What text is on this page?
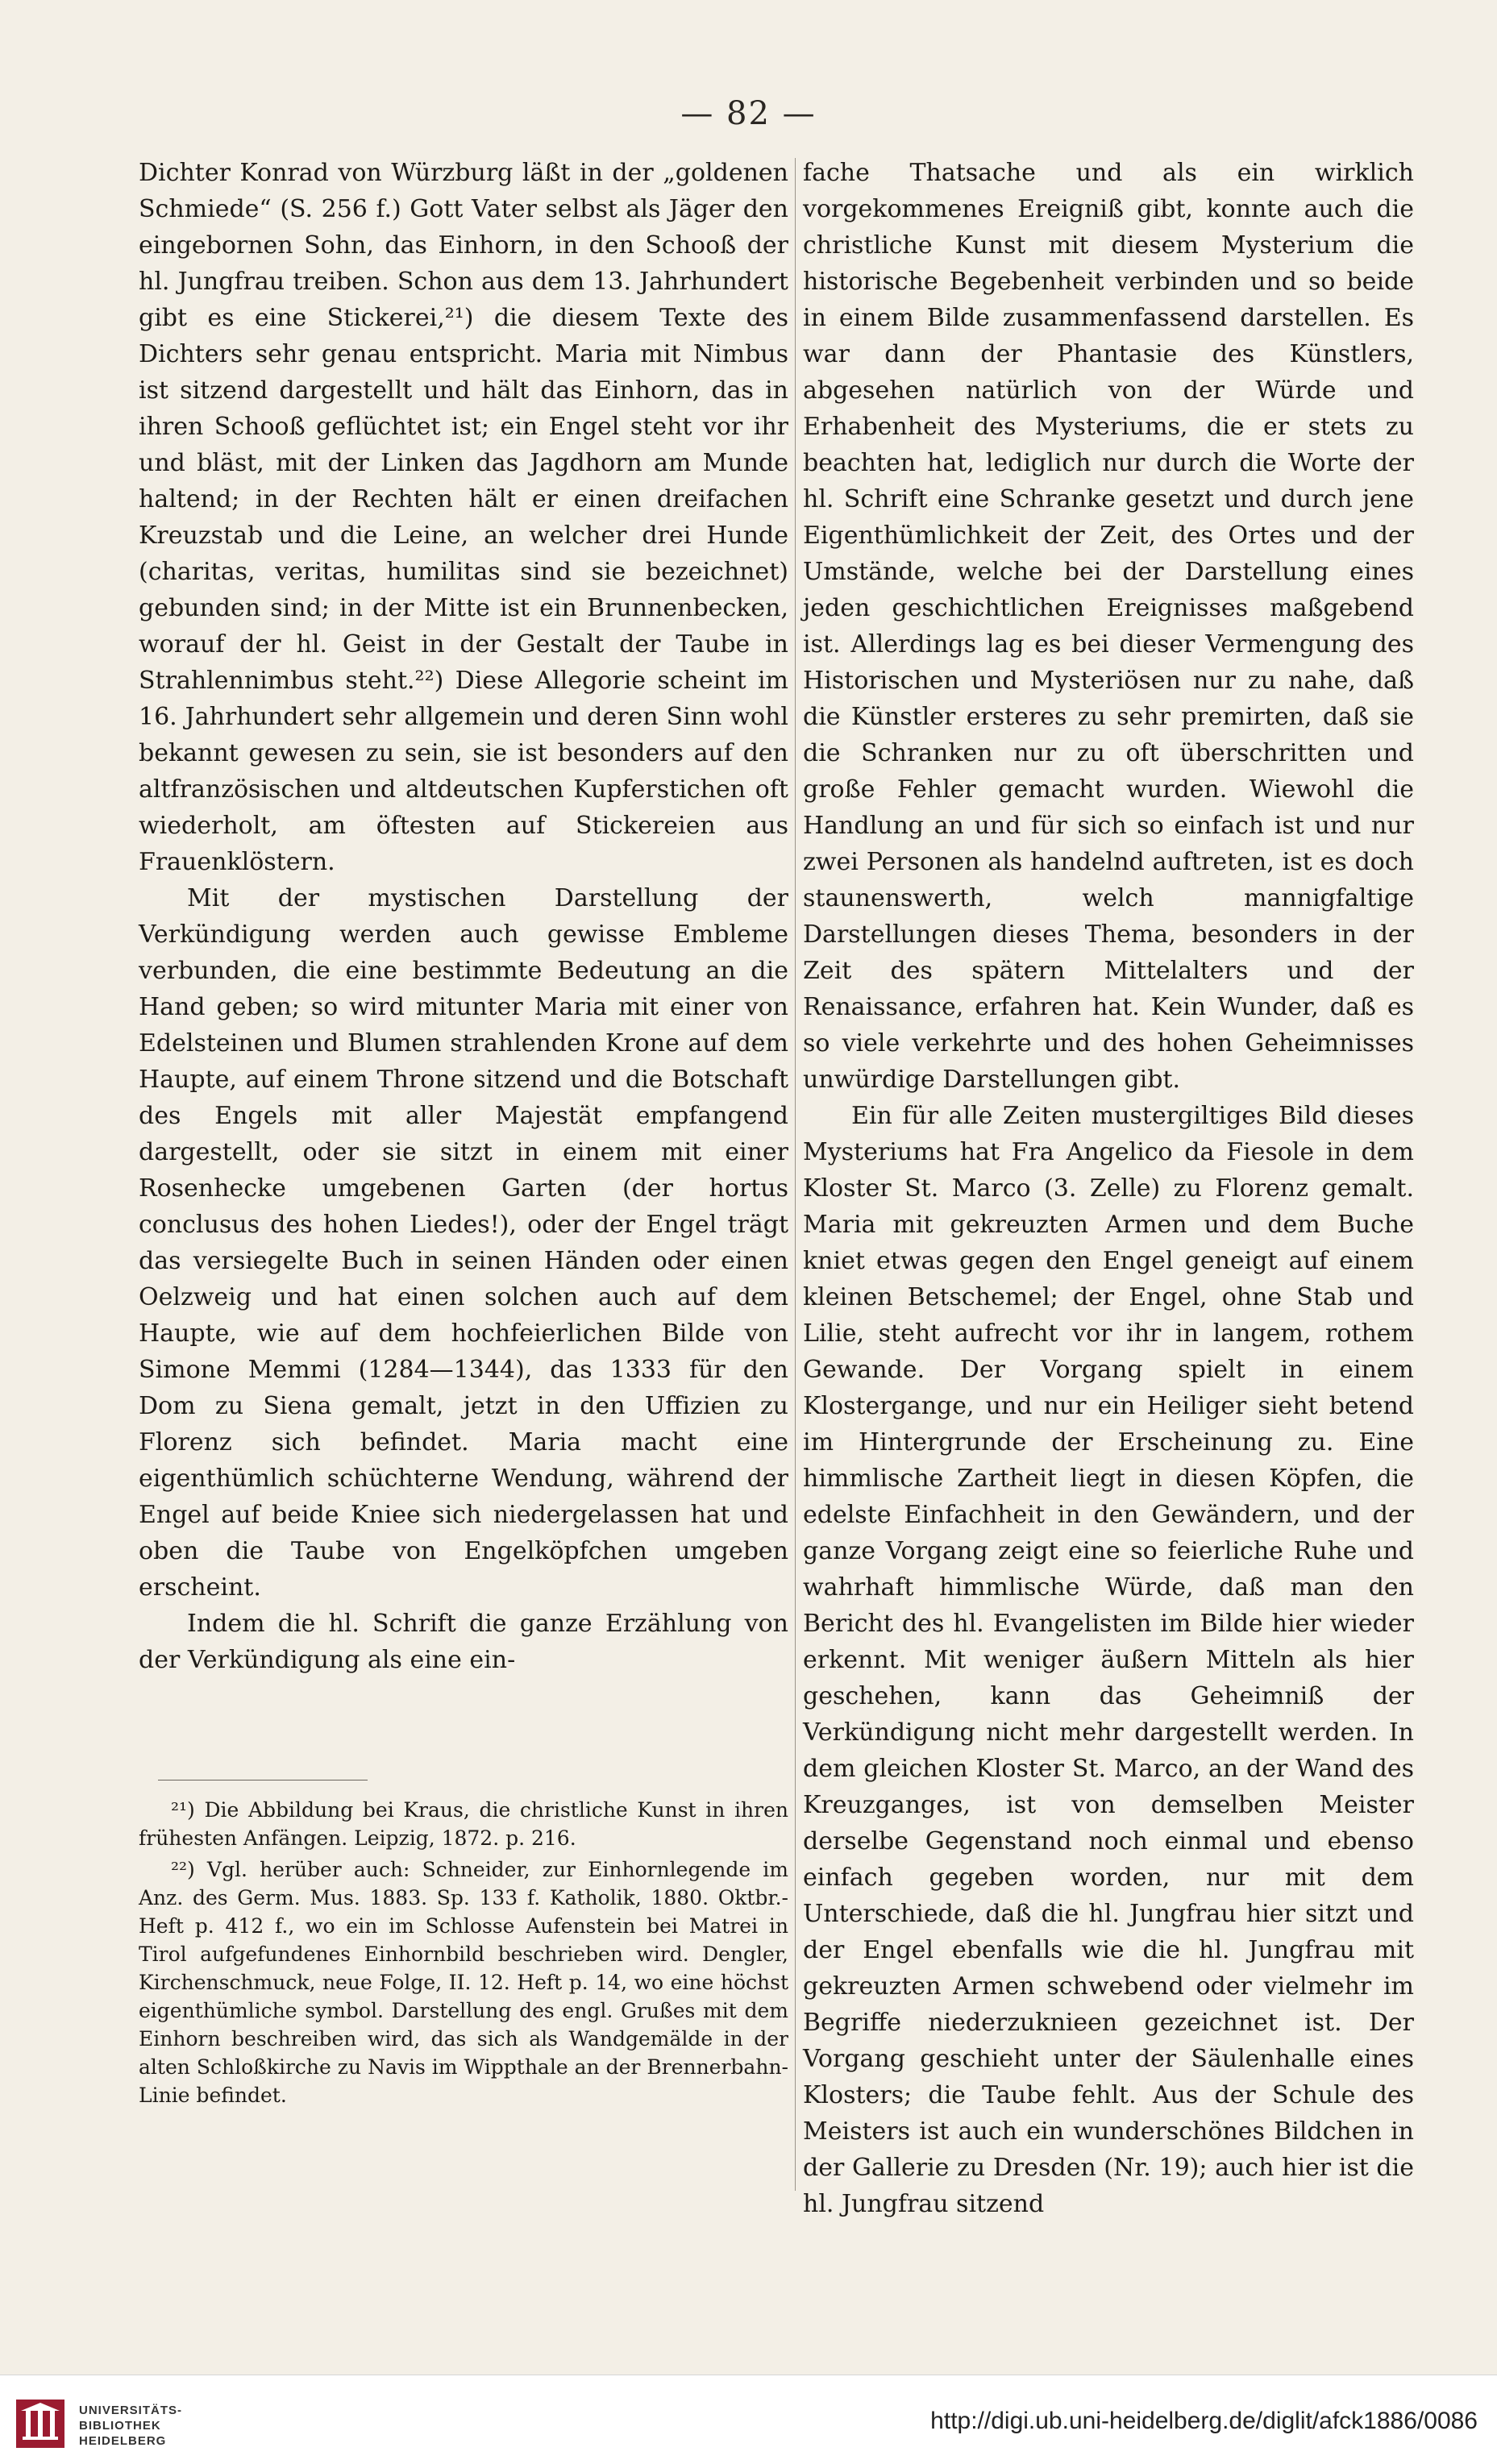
— 82 —

Dichter Konrad von Würzburg läßt in der „goldenen Schmiede“ (S. 256 f.) Gott Vater selbst als Jäger den eingebornen Sohn, das Einhorn, in den Schooß der hl. Jungfrau treiben. Schon aus dem 13. Jahrhundert gibt es eine Stickerei,²¹) die diesem Texte des Dichters sehr genau entspricht. Maria mit Nimbus ist sitzend dargestellt und hält das Einhorn, das in ihren Schooß geflüchtet ist; ein Engel steht vor ihr und bläst, mit der Linken das Jagdhorn am Munde haltend; in der Rechten hält er einen dreifachen Kreuzstab und die Leine, an welcher drei Hunde (charitas, veritas, humilitas sind sie bezeichnet) gebunden sind; in der Mitte ist ein Brunnenbecken, worauf der hl. Geist in der Gestalt der Taube in Strahlennimbus steht.²²) Diese Allegorie scheint im 16. Jahrhundert sehr allgemein und deren Sinn wohl bekannt gewesen zu sein, sie ist besonders auf den altfranzösischen und altdeutschen Kupferstichen oft wiederholt, am öftesten auf Stickereien aus Frauenklöstern.

Mit der mystischen Darstellung der Verkündigung werden auch gewisse Embleme verbunden, die eine bestimmte Bedeutung an die Hand geben; so wird mitunter Maria mit einer von Edelsteinen und Blumen strahlenden Krone auf dem Haupte, auf einem Throne sitzend und die Botschaft des Engels mit aller Majestät empfangend dargestellt, oder sie sitzt in einem mit einer Rosenhecke umgebenen Garten (der hortus conclusus des hohen Liedes!), oder der Engel trägt das versiegelte Buch in seinen Händen oder einen Oelzweig und hat einen solchen auch auf dem Haupte, wie auf dem hochfeierlichen Bilde von Simone Memmi (1284—1344), das 1333 für den Dom zu Siena gemalt, jetzt in den Uffizien zu Florenz sich befindet. Maria macht eine eigenthümlich schüchterne Wendung, während der Engel auf beide Kniee sich niedergelassen hat und oben die Taube von Engelköpfchen umgeben erscheint.

Indem die hl. Schrift die ganze Erzählung von der Verkündigung als eine ein-

²¹) Die Abbildung bei Kraus, die christliche Kunst in ihren frühesten Anfängen. Leipzig, 1872. p. 216.

²²) Vgl. herüber auch: Schneider, zur Einhornlegende im Anz. des Germ. Mus. 1883. Sp. 133 f. Katholik, 1880. Oktbr.-Heft p. 412 f., wo ein im Schlosse Aufenstein bei Matrei in Tirol aufgefundenes Einhornbild beschrieben wird. Dengler, Kirchenschmuck, neue Folge, II. 12. Heft p. 14, wo eine höchst eigenthümliche symbol. Darstellung des engl. Grußes mit dem Einhorn beschreiben wird, das sich als Wandgemälde in der alten Schloßkirche zu Navis im Wippthale an der Brennerbahn-Linie befindet.

fache Thatsache und als ein wirklich vorgekommenes Ereigniß gibt, konnte auch die christliche Kunst mit diesem Mysterium die historische Begebenheit verbinden und so beide in einem Bilde zusammenfassend darstellen. Es war dann der Phantasie des Künstlers, abgesehen natürlich von der Würde und Erhabenheit des Mysteriums, die er stets zu beachten hat, lediglich nur durch die Worte der hl. Schrift eine Schranke gesetzt und durch jene Eigenthümlichkeit der Zeit, des Ortes und der Umstände, welche bei der Darstellung eines jeden geschichtlichen Ereignisses maßgebend ist. Allerdings lag es bei dieser Vermengung des Historischen und Mysteriösen nur zu nahe, daß die Künstler ersteres zu sehr premirten, daß sie die Schranken nur zu oft überschritten und große Fehler gemacht wurden. Wiewohl die Handlung an und für sich so einfach ist und nur zwei Personen als handelnd auftreten, ist es doch staunenswerth, welch mannigfaltige Darstellungen dieses Thema, besonders in der Zeit des spätern Mittelalters und der Renaissance, erfahren hat. Kein Wunder, daß es so viele verkehrte und des hohen Geheimnisses unwürdige Darstellungen gibt.

Ein für alle Zeiten mustergiltiges Bild dieses Mysteriums hat Fra Angelico da Fiesole in dem Kloster St. Marco (3. Zelle) zu Florenz gemalt. Maria mit gekreuzten Armen und dem Buche kniet etwas gegen den Engel geneigt auf einem kleinen Betschemel; der Engel, ohne Stab und Lilie, steht aufrecht vor ihr in langem, rothem Gewande. Der Vorgang spielt in einem Klostergange, und nur ein Heiliger sieht betend im Hintergrunde der Erscheinung zu. Eine himmlische Zartheit liegt in diesen Köpfen, die edelste Einfachheit in den Gewändern, und der ganze Vorgang zeigt eine so feierliche Ruhe und wahrhaft himmlische Würde, daß man den Bericht des hl. Evangelisten im Bilde hier wieder erkennt. Mit weniger äußern Mitteln als hier geschehen, kann das Geheimniß der Verkündigung nicht mehr dargestellt werden. In dem gleichen Kloster St. Marco, an der Wand des Kreuzganges, ist von demselben Meister derselbe Gegenstand noch einmal und ebenso einfach gegeben worden, nur mit dem Unterschiede, daß die hl. Jungfrau hier sitzt und der Engel ebenfalls wie die hl. Jungfrau mit gekreuzten Armen schwebend oder vielmehr im Begriffe niederzuknieen gezeichnet ist. Der Vorgang geschieht unter der Säulenhalle eines Klosters; die Taube fehlt. Aus der Schule des Meisters ist auch ein wunderschönes Bildchen in der Gallerie zu Dresden (Nr. 19); auch hier ist die hl. Jungfrau sitzend

UNIVERSITÄTS-
BIBLIOTHEK
HEIDELBERG
http://digi.ub.uni-heidelberg.de/diglit/afck1886/0086
